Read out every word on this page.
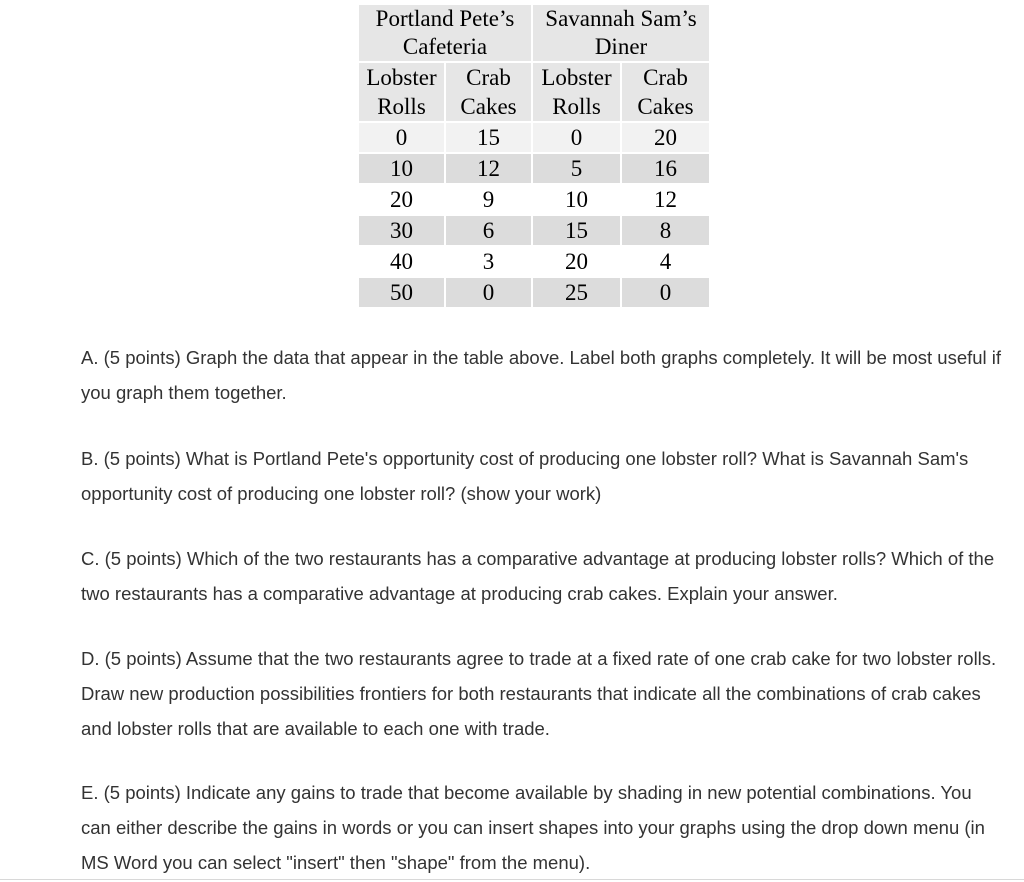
Portland Pete’s Cafeteria		Savannah Sam’s Diner	
Lobster Rolls	Crab Cakes	Lobster Rolls	Crab Cakes
0	15	0	20
10	12	5	16
20	9	10	12
30	6	15	8
40	3	20	4
50	0	25	0

A. (5 points) Graph the data that appear in the table above. Label both graphs completely. It will be most useful if you graph them together.

B. (5 points) What is Portland Pete's opportunity cost of producing one lobster roll? What is Savannah Sam's opportunity cost of producing one lobster roll? (show your work)

C. (5 points) Which of the two restaurants has a comparative advantage at producing lobster rolls? Which of the two restaurants has a comparative advantage at producing crab cakes. Explain your answer.

D. (5 points) Assume that the two restaurants agree to trade at a fixed rate of one crab cake for two lobster rolls. Draw new production possibilities frontiers for both restaurants that indicate all the combinations of crab cakes and lobster rolls that are available to each one with trade.

E. (5 points) Indicate any gains to trade that become available by shading in new potential combinations. You can either describe the gains in words or you can insert shapes into your graphs using the drop down menu (in MS Word you can select "insert" then "shape" from the menu).
